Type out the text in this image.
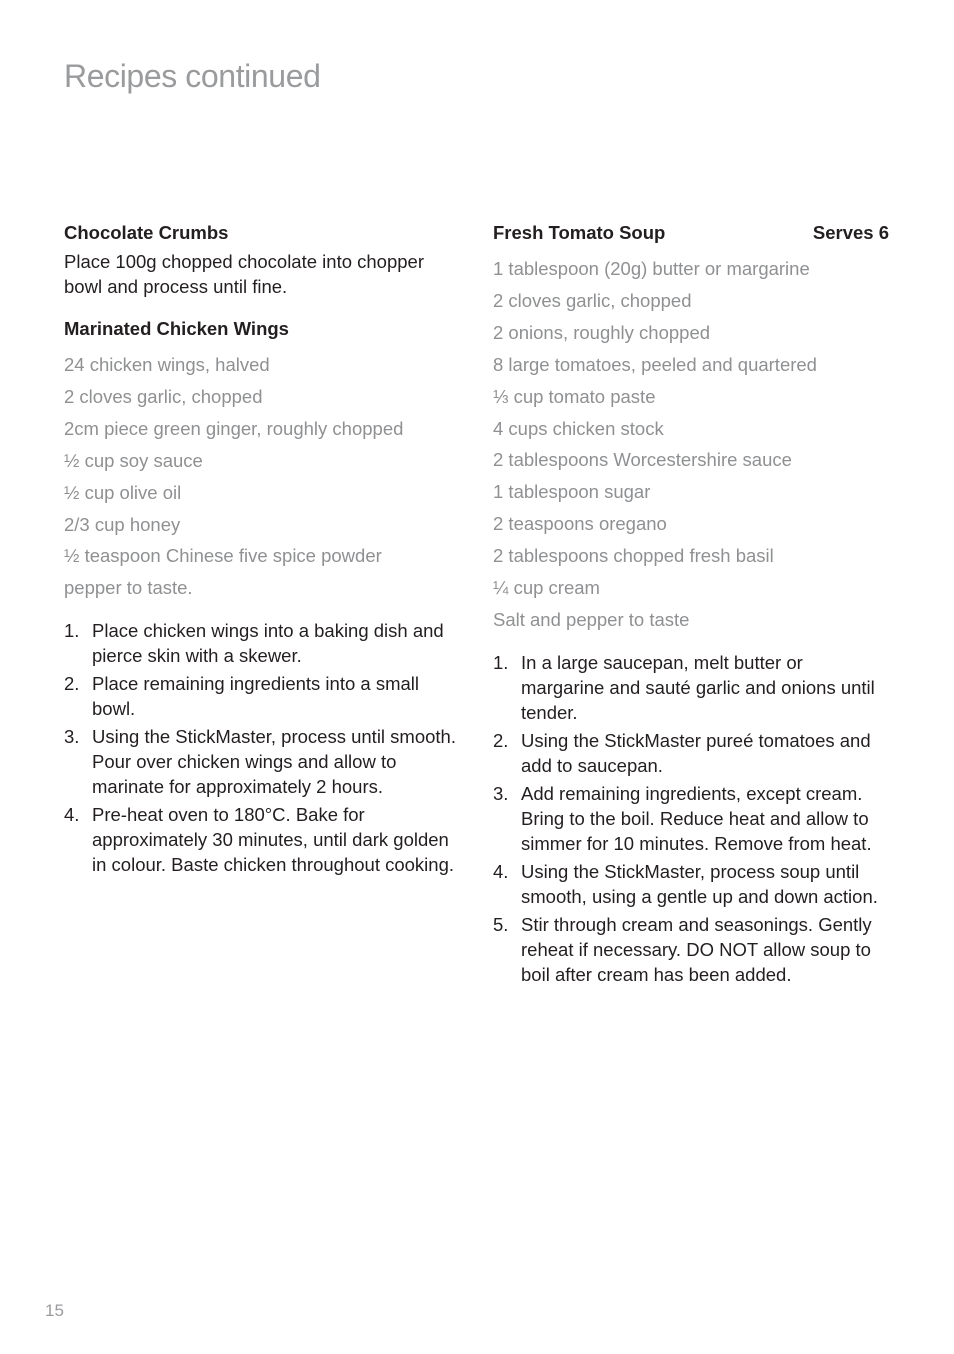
Recipes continued
Chocolate Crumbs

Place 100g chopped chocolate into chopper bowl and process until fine.

Marinated Chicken Wings
24 chicken wings, halved
2 cloves garlic, chopped
2cm piece green ginger, roughly chopped
½ cup soy sauce
½ cup olive oil
2/3 cup honey
½ teaspoon Chinese five spice powder
pepper to taste.
1. Place chicken wings into a baking dish and pierce skin with a skewer.
2. Place remaining ingredients into a small bowl.
3. Using the StickMaster, process until smooth. Pour over chicken wings and allow to marinate for approximately 2 hours.
4. Pre-heat oven to 180°C. Bake for approximately 30 minutes, until dark golden in colour. Baste chicken throughout cooking.
Fresh Tomato Soup	Serves 6
1 tablespoon (20g) butter or margarine
2 cloves garlic, chopped
2 onions, roughly chopped
8 large tomatoes, peeled and quartered
⅓ cup tomato paste
4 cups chicken stock
2 tablespoons Worcestershire sauce
1 tablespoon sugar
2 teaspoons oregano
2 tablespoons chopped fresh basil
¼ cup cream
Salt and pepper to taste
1. In a large saucepan, melt butter or margarine and sauté garlic and onions until tender.
2. Using the StickMaster pureé tomatoes and add to saucepan.
3. Add remaining ingredients, except cream. Bring to the boil. Reduce heat and allow to simmer for 10 minutes. Remove from heat.
4. Using the StickMaster, process soup until smooth, using a gentle up and down action.
5. Stir through cream and seasonings. Gently reheat if necessary. DO NOT allow soup to boil after cream has been added.
15
